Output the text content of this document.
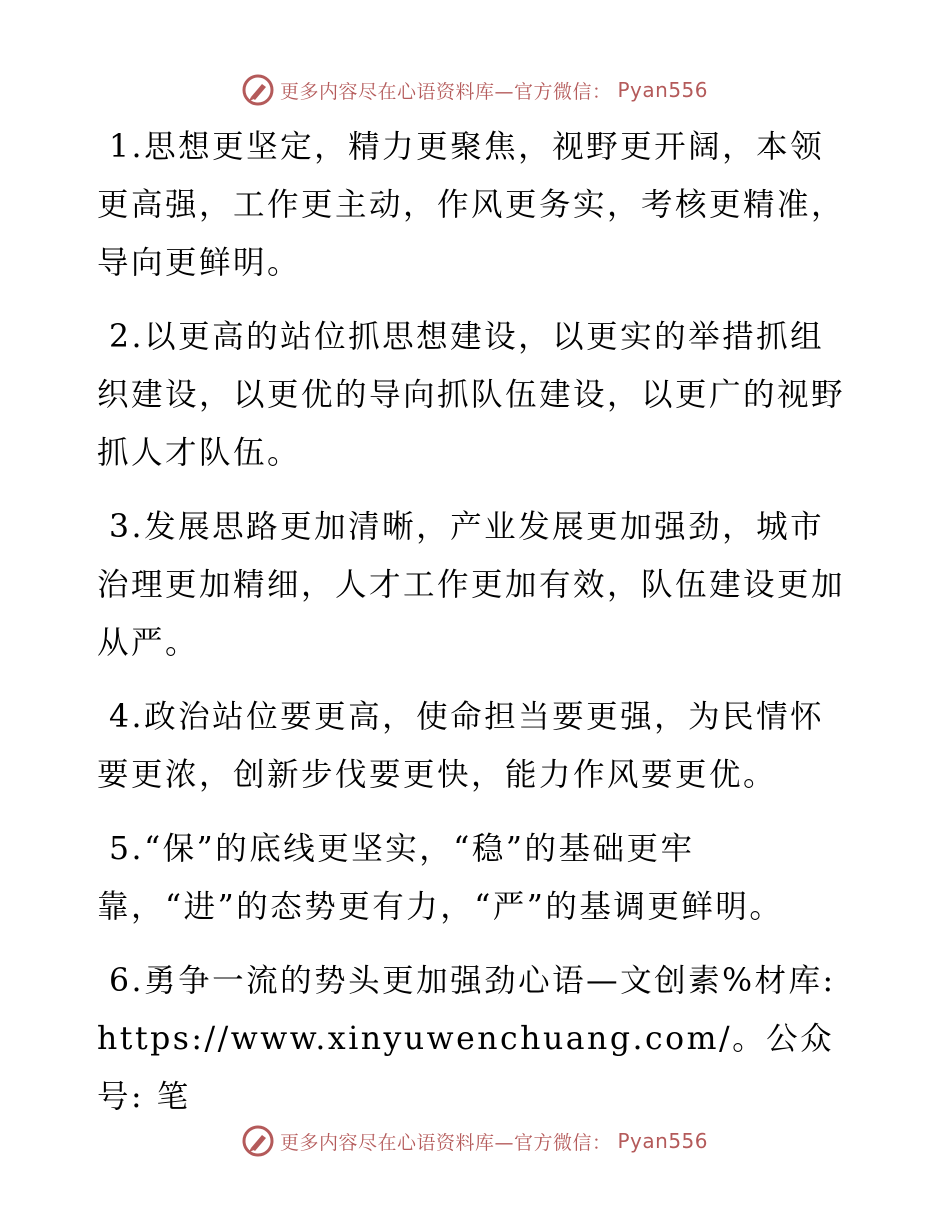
更多内容尽在心语资料库—官方微信： Pyan556

1.思想更坚定，精力更聚焦，视野更开阔，本领更高强，工作更主动，作风更务实，考核更精准，导向更鲜明。

2.以更高的站位抓思想建设，以更实的举措抓组织建设，以更优的导向抓队伍建设，以更广的视野抓人才队伍。

3.发展思路更加清晰，产业发展更加强劲，城市治理更加精细，人才工作更加有效，队伍建设更加从严。

4.政治站位要更高，使命担当要更强，为民情怀要更浓，创新步伐要更快，能力作风要更优。

5.“保”的底线更坚实，“稳”的基础更牢靠，“进”的态势更有力，“严”的基调更鲜明。

6.勇争一流的势头更加强劲心语—文创素%材库:https://www.xinyuwenchuang.com/。公众号: 笔

更多内容尽在心语资料库—官方微信： Pyan556
